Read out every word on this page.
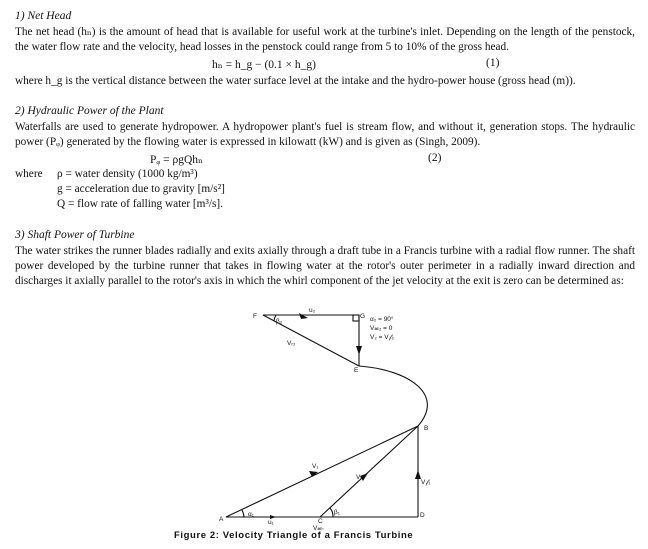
1) Net Head
The net head (hₙ) is the amount of head that is available for useful work at the turbine's inlet. Depending on the length of the penstock, the water flow rate and the velocity, head losses in the penstock could range from 5 to 10% of the gross head.
hₙ = h_g − (0.1 × h_g)	(1)
where h_g is the vertical distance between the water surface level at the intake and the hydro-power house (gross head (m)).
2) Hydraulic Power of the Plant
Waterfalls are used to generate hydropower. A hydropower plant's fuel is stream flow, and without it, generation stops. The hydraulic power (Pᵩ) generated by the flowing water is expressed in kilowatt (kW) and is given as (Singh, 2009).
Pᵩ = ρgQhₙ	(2)
where ρ = water density (1000 kg/m³)
g = acceleration due to gravity [m/s²]
Q = flow rate of falling water [m³/s].
3) Shaft Power of Turbine
The water strikes the runner blades radially and exits axially through a draft tube in a Francis turbine with a radial flow runner. The shaft power developed by the turbine runner that takes in flowing water at the rotor's outer perimeter in a radially inward direction and discharges it axially parallel to the rotor's axis in which the whirl component of the jet velocity at the exit is zero can be determined as:
F	G
E
B
A	C
D
u₂
β₂
Vᵣ₂
α₂ = 90°
V𝓌₂ = 0
V₂ = V𝒻₂
V₁
Vᵣ₁
V𝒻₁
α₁	β₁
u₁
V𝓌₁
Figure 2: Velocity Triangle of a Francis Turbine
